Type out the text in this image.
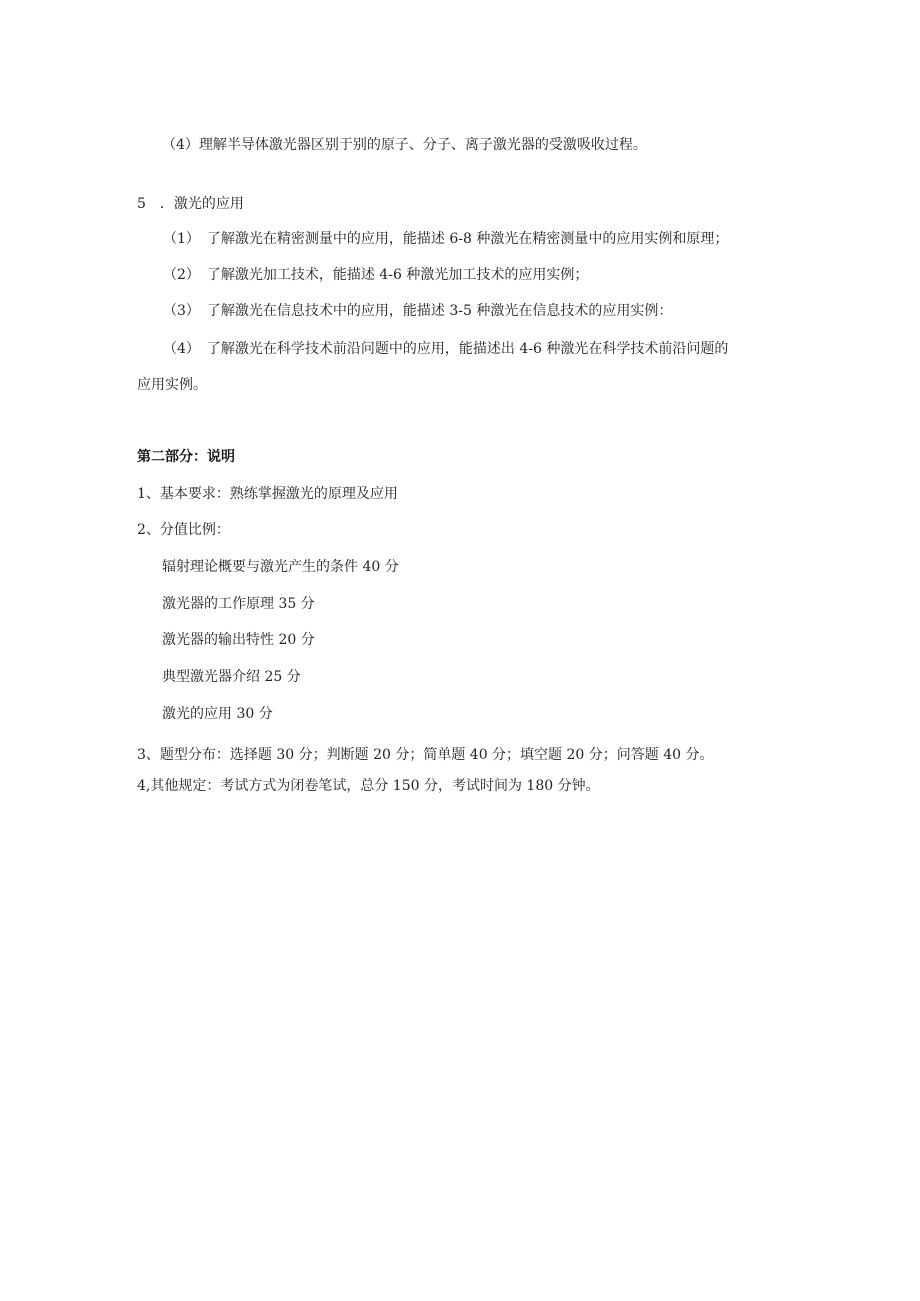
（4）理解半导体激光器区别于别的原子、分子、离子激光器的受激吸收过程。
5　．激光的应用
（1）　了解激光在精密测量中的应用，能描述 6-8 种激光在精密测量中的应用实例和原理；
（2）　了解激光加工技术，能描述 4-6 种激光加工技术的应用实例；
（3）　了解激光在信息技术中的应用，能描述 3-5 种激光在信息技术的应用实例：
（4）　了解激光在科学技术前沿问题中的应用，能描述出 4-6 种激光在科学技术前沿问题的
应用实例。
第二部分：说明
1、基本要求：熟练掌握激光的原理及应用
2、分值比例：
辐射理论概要与激光产生的条件 40 分
激光器的工作原理 35 分
激光器的输出特性 20 分
典型激光器介绍 25 分
激光的应用 30 分
3、题型分布：选择题 30 分；判断题 20 分；简单题 40 分；填空题 20 分；问答题 40 分。
4,其他规定：考试方式为闭卷笔试，总分 150 分，考试时间为 180 分钟。
